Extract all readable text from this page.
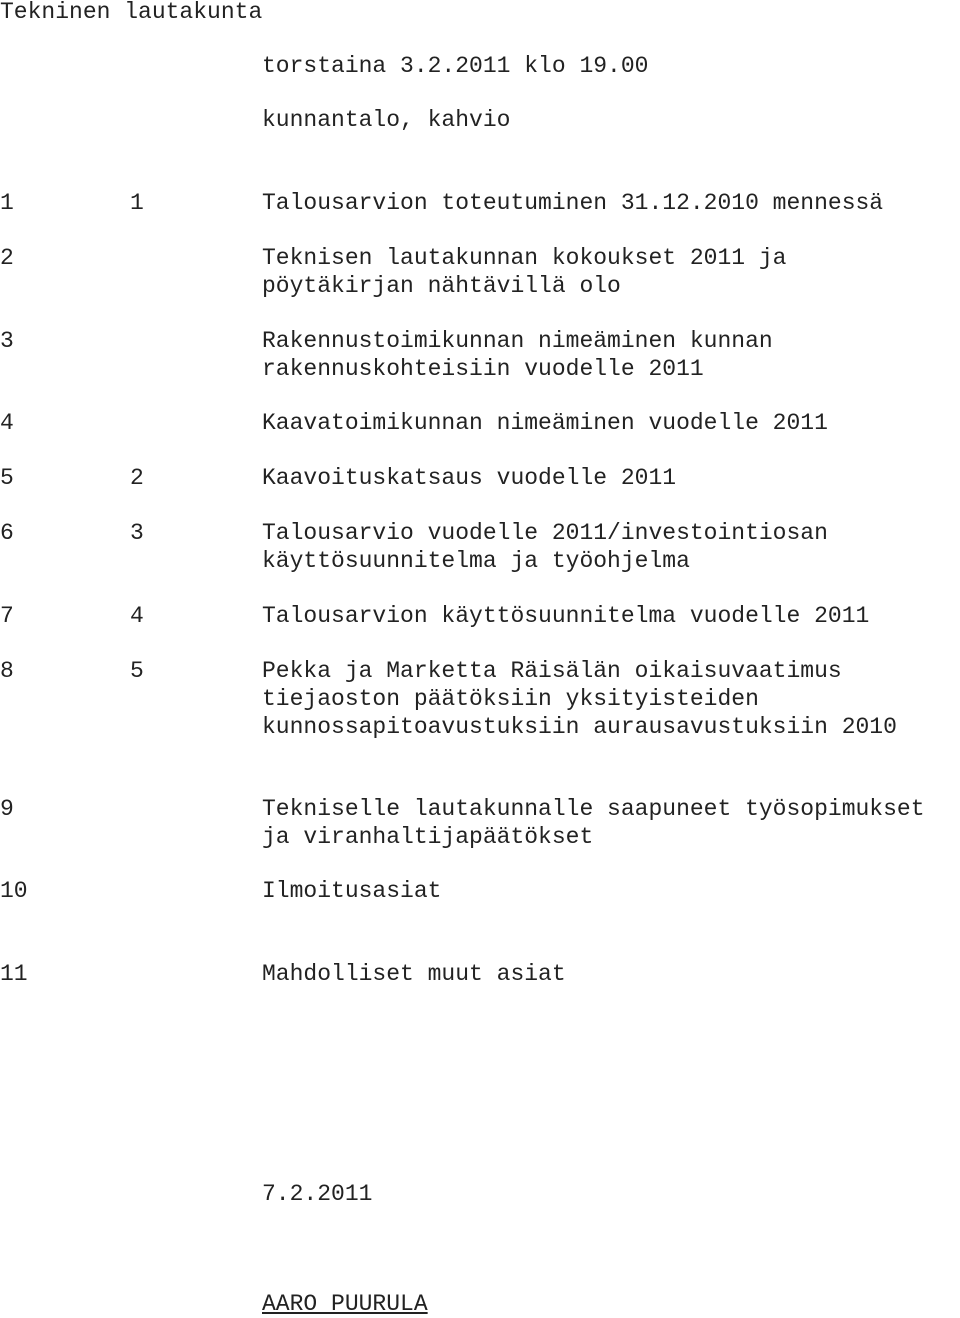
Tekninen lautakunta
torstaina 3.2.2011 klo 19.00
kunnantalo, kahvio
1	1	Talousarvion toteutuminen 31.12.2010 mennessä
2	Teknisen lautakunnan kokoukset 2011 ja
pöytäkirjan nähtävillä olo
3	Rakennustoimikunnan nimeäminen kunnan
rakennuskohteisiin vuodelle 2011
4	Kaavatoimikunnan nimeäminen vuodelle 2011
5	2	Kaavoituskatsaus vuodelle 2011
6	3	Talousarvio vuodelle 2011/investointiosan
käyttösuunnitelma ja työohjelma
7	4	Talousarvion käyttösuunnitelma vuodelle 2011
8	5	Pekka ja Marketta Räisälän oikaisuvaatimus
tiejaoston päätöksiin yksityisteiden
kunnossapitoavustuksiin aurausavustuksiin 2010
9	Tekniselle lautakunnalle saapuneet työsopimukset
ja viranhaltijapäätökset
10	Ilmoitusasiat
11	Mahdolliset muut asiat
7.2.2011
AARO PUURULA
